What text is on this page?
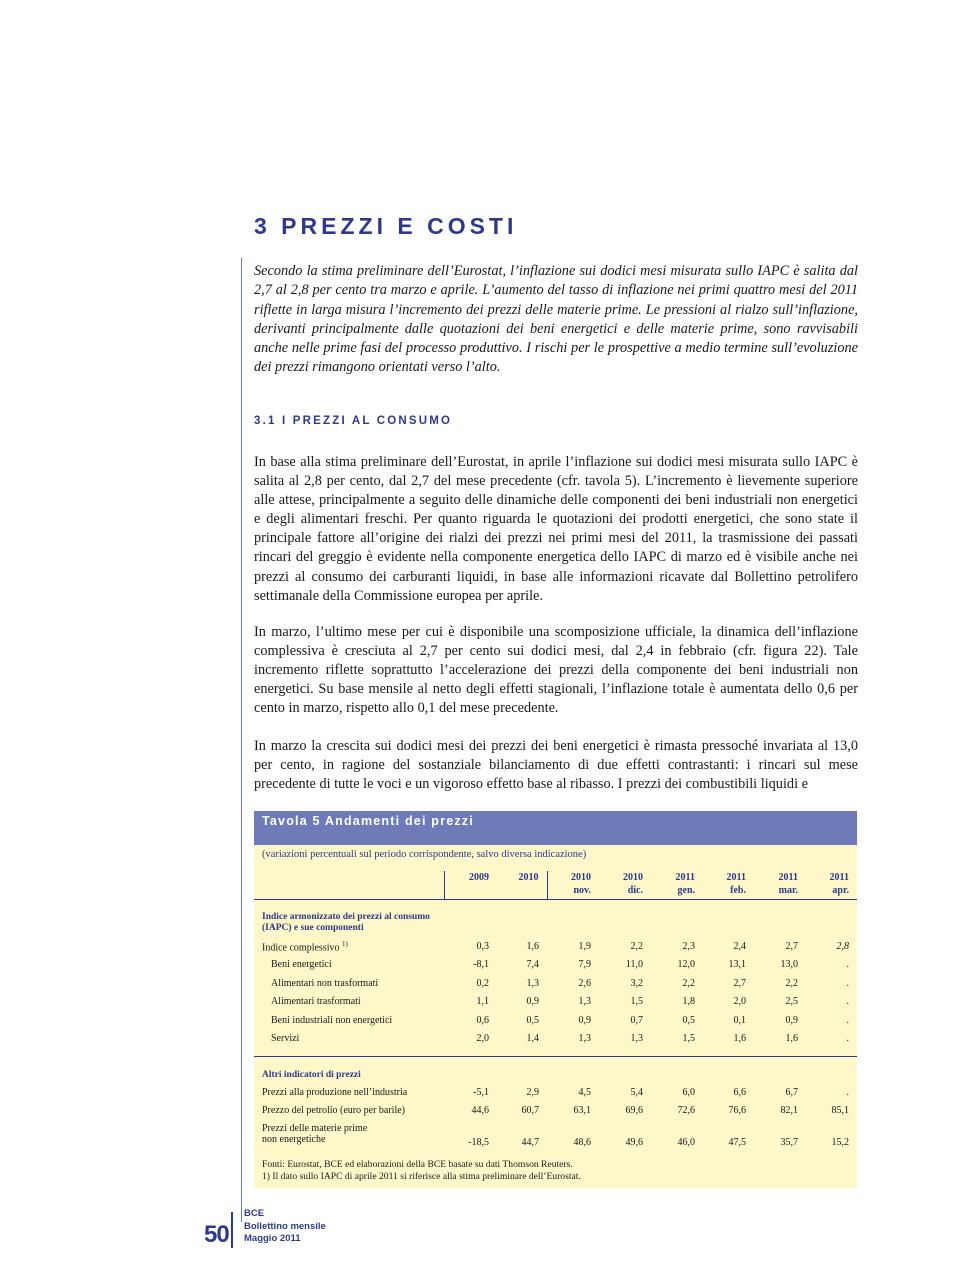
3 PREZZI E COSTI

Secondo la stima preliminare dell’Eurostat, l’inflazione sui dodici mesi misurata sullo IAPC è salita dal 2,7 al 2,8 per cento tra marzo e aprile. L’aumento del tasso di inflazione nei primi quattro mesi del 2011 riflette in larga misura l’incremento dei prezzi delle materie prime. Le pressioni al rialzo sull’inflazione, derivanti principalmente dalle quotazioni dei beni energetici e delle materie prime, sono ravvisabili anche nelle prime fasi del processo produttivo. I rischi per le prospettive a medio termine sull’evoluzione dei prezzi rimangono orientati verso l’alto.

3.1 I PREZZI AL CONSUMO

In base alla stima preliminare dell’Eurostat, in aprile l’inflazione sui dodici mesi misurata sullo IAPC è salita al 2,8 per cento, dal 2,7 del mese precedente (cfr. tavola 5). L’incremento è lievemente superiore alle attese, principalmente a seguito delle dinamiche delle componenti dei beni industriali non energetici e degli alimentari freschi. Per quanto riguarda le quotazioni dei prodotti energetici, che sono state il principale fattore all’origine dei rialzi dei prezzi nei primi mesi del 2011, la trasmissione dei passati rincari del greggio è evidente nella componente energetica dello IAPC di marzo ed è visibile anche nei prezzi al consumo dei carburanti liquidi, in base alle informazioni ricavate dal Bollettino petrolifero settimanale della Commissione europea per aprile.

In marzo, l’ultimo mese per cui è disponibile una scomposizione ufficiale, la dinamica dell’inflazione complessiva è cresciuta al 2,7 per cento sui dodici mesi, dal 2,4 in febbraio (cfr. figura 22). Tale incremento riflette soprattutto l’accelerazione dei prezzi della componente dei beni industriali non energetici. Su base mensile al netto degli effetti stagionali, l’inflazione totale è aumentata dello 0,6 per cento in marzo, rispetto allo 0,1 del mese precedente.

In marzo la crescita sui dodici mesi dei prezzi dei beni energetici è rimasta pressoché invariata al 13,0 per cento, in ragione del sostanziale bilanciamento di due effetti contrastanti: i rincari sul mese precedente di tutte le voci e un vigoroso effetto base al ribasso. I prezzi dei combustibili liquidi e

Tavola 5 Andamenti dei prezzi
(variazioni percentuali sul periodo corrispondente, salvo diversa indicazione)
	2009	2010	2010	2010	2011	2011	2011	2011
			nov.	dic.	gen.	feb.	mar.	apr.
Indice armonizzato dei prezzi al consumo
(IAPC) e sue componenti								
Indice complessivo $^{1)}$	0,3	1,6	1,9	2,2	2,3	2,4	2,7	2,8
Beni energetici	-8,1	7,4	7,9	11,0	12,0	13,1	13,0	.
Alimentari non trasformati	0,2	1,3	2,6	3,2	2,2	2,7	2,2	.
Alimentari trasformati	1,1	0,9	1,3	1,5	1,8	2,0	2,5	.
Beni industriali non energetici	0,6	0,5	0,9	0,7	0,5	0,1	0,9	.
Servizi	2,0	1,4	1,3	1,3	1,5	1,6	1,6	.

Altri indicatori di prezzi								
Prezzi alla produzione nell’industria	-5,1	2,9	4,5	5,4	6,0	6,6	6,7	.
Prezzo del petrolio (euro per barile)	44,6	60,7	63,1	69,6	72,6	76,6	82,1	85,1
Prezzi delle materie prime
non energetiche	-18,5	44,7	48,6	49,6	46,0	47,5	35,7	15,2
Fonti: Eurostat, BCE ed elaborazioni della BCE basate su dati Thomson Reuters.
1) Il dato sullo IAPC di aprile 2011 si riferisce alla stima preliminare dell’Eurostat.
50
BCE
Bollettino mensile
Maggio 2011
